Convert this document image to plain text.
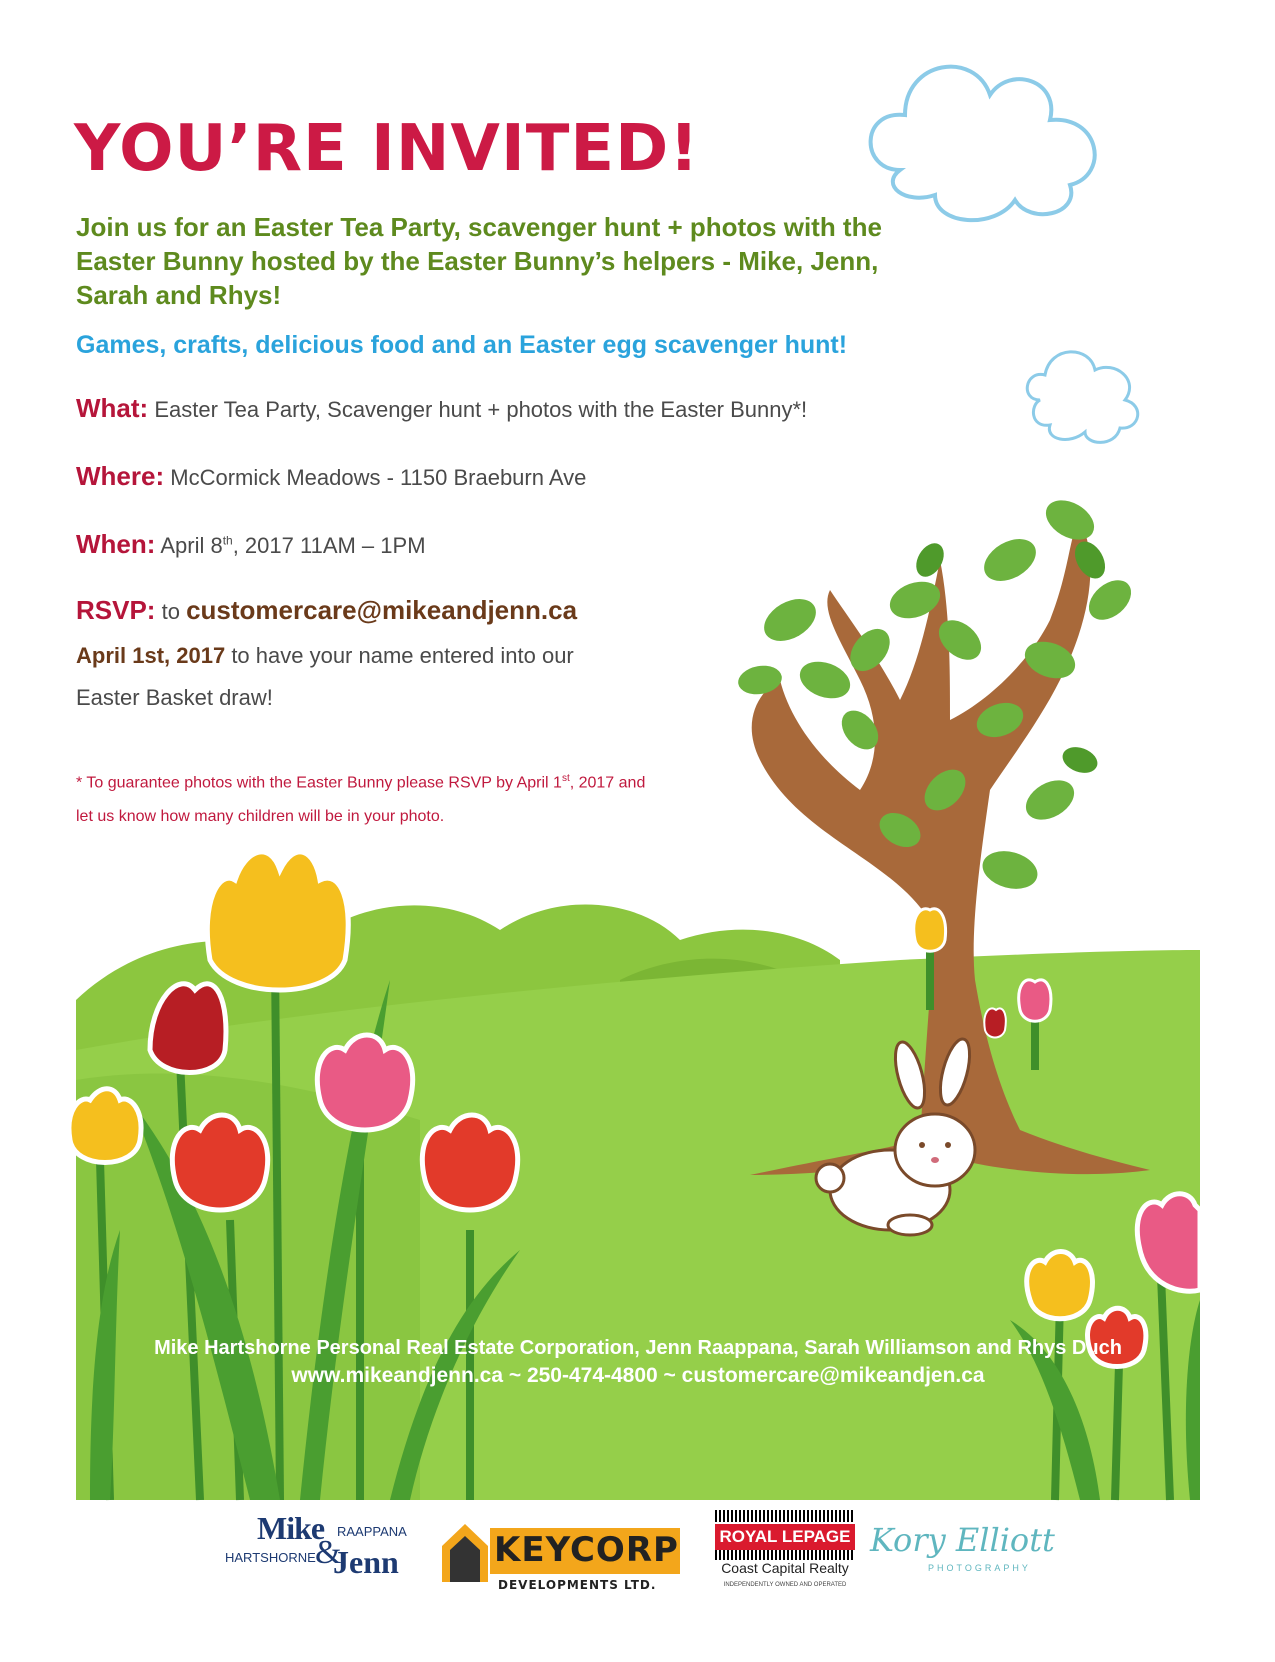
YOU’RE INVITED!
Join us for an Easter Tea Party, scavenger hunt + photos with the Easter Bunny hosted by the Easter Bunny’s helpers - Mike, Jenn, Sarah and Rhys!
Games, crafts, delicious food and an Easter egg scavenger hunt!
What: Easter Tea Party, Scavenger hunt + photos with the Easter Bunny*!
Where: McCormick Meadows - 1150 Braeburn Ave
When: April 8th, 2017 11AM – 1PM
RSVP: to customercare@mikeandjenn.ca
April 1st, 2017 to have your name entered into our
Easter Basket draw!
* To guarantee photos with the Easter Bunny please RSVP by April 1st, 2017 and
let us know how many children will be in your photo.
Mike Hartshorne Personal Real Estate Corporation, Jenn Raappana, Sarah Williamson and Rhys Duch
www.mikeandjenn.ca ~ 250-474-4800 ~ customercare@mikeandjen.ca
Mike RAAPPANA
HARTSHORNE &
Jenn	KEYCORP
DEVELOPMENTS LTD.
ROYAL LEPAGE
Coast Capital Realty
INDEPENDENTLY OWNED AND OPERATED
Kory Elliott
PHOTOGRAPHY
